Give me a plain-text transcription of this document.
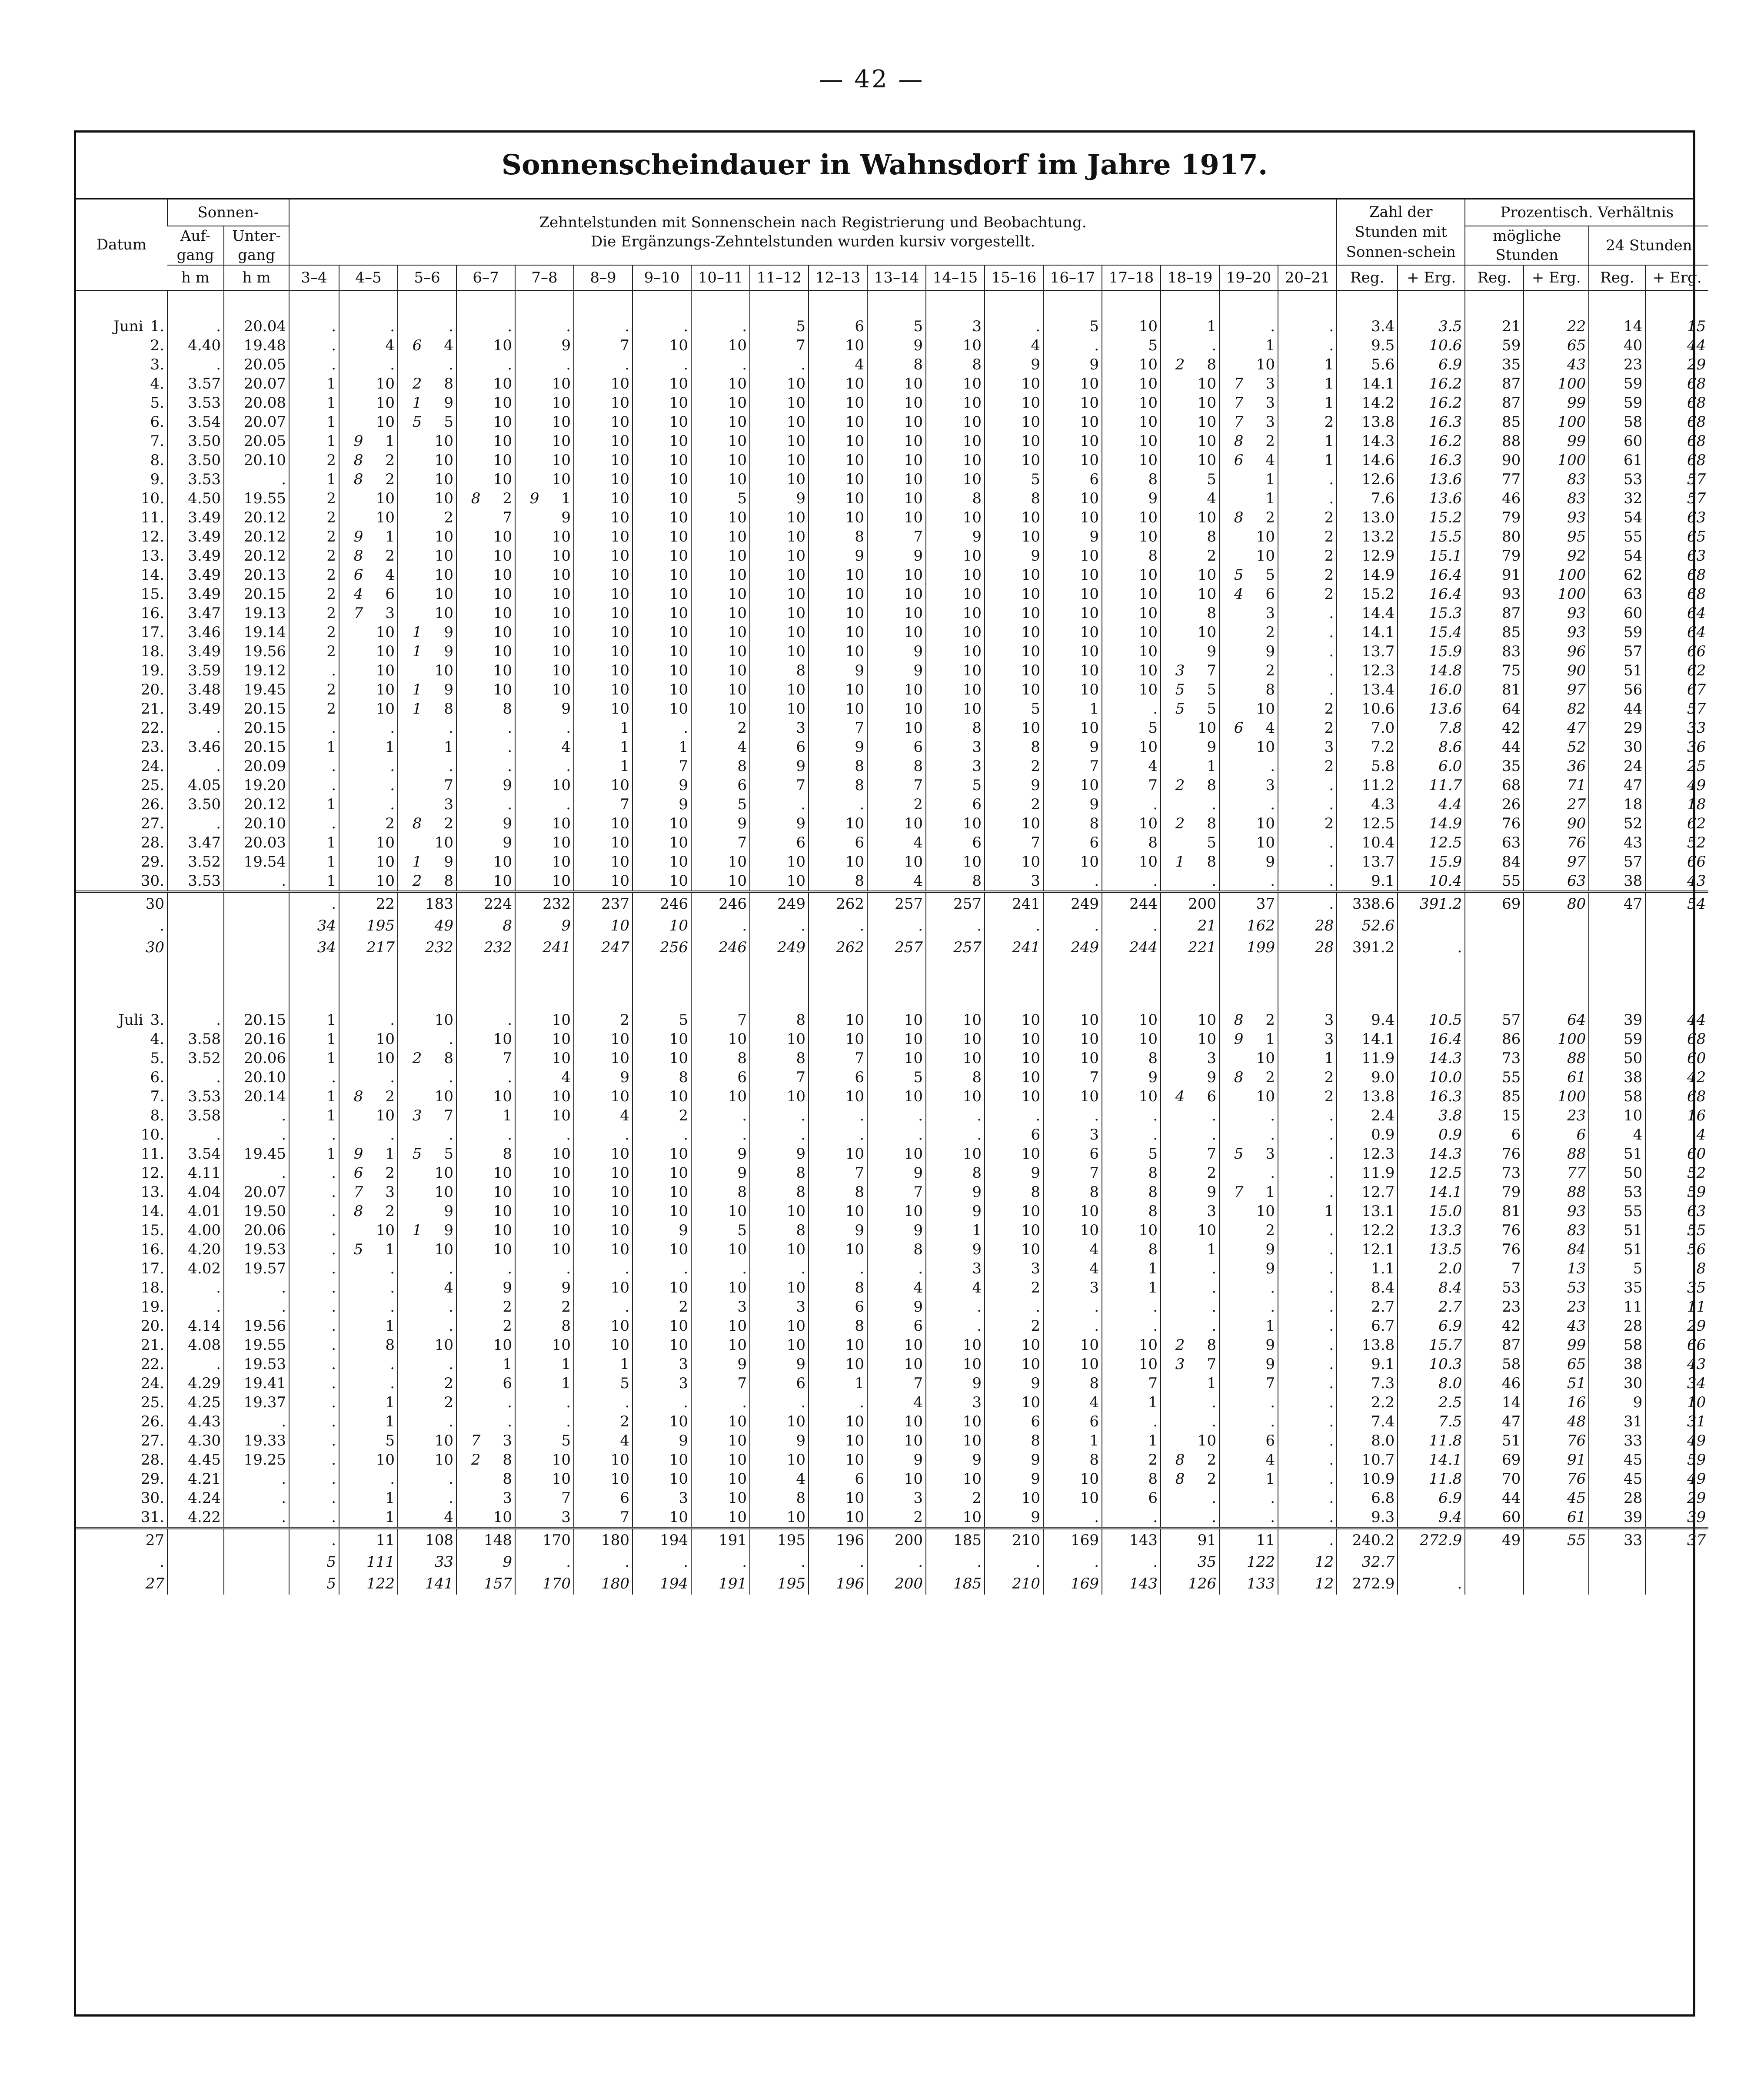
— 42 —
Sonnenscheindauer in Wahnsdorf im Jahre 1917.
Datum	Sonnen-		Zehntelstunden mit Sonnenschein nach Registrierung und Beobachtung.
Die Ergänzungs-Zehntelstunden wurden kursiv vorgestellt.																		Zahl der Stunden mit Sonnen-schein		Prozentisch. Verhältnis			
	Auf-gang	Unter-gang																					mögliche Stunden		24 Stunden	
	h m	h m	3–4	4–5	5–6	6–7	7–8	8–9	9–10	10–11	11–12	12–13	13–14	14–15	15–16	16–17	17–18	18–19	19–20	20–21	Reg.	+ Erg.	Reg.	+ Erg.	Reg.	+ Erg.

Juni 1.	.	20.04	.	.	.	.	.	.	.	.	5	6	5	3	.	5	10	1	.	.	3.4	3.5	21	22	14	15
2.	4.40	19.48	.	4	6 4	10	9	7	10	10	7	10	9	10	4	.	5	.	1	.	9.5	10.6	59	65	40	44
3.	.	20.05	.	.	.	.	.	.	.	.	.	4	8	8	9	9	10	2 8	10	1	5.6	6.9	35	43	23	29
4.	3.57	20.07	1	10	2 8	10	10	10	10	10	10	10	10	10	10	10	10	10	7 3	1	14.1	16.2	87	100	59	68
5.	3.53	20.08	1	10	1 9	10	10	10	10	10	10	10	10	10	10	10	10	10	7 3	1	14.2	16.2	87	99	59	68
6.	3.54	20.07	1	10	5 5	10	10	10	10	10	10	10	10	10	10	10	10	10	7 3	2	13.8	16.3	85	100	58	68
7.	3.50	20.05	1	9 1	10	10	10	10	10	10	10	10	10	10	10	10	10	10	8 2	1	14.3	16.2	88	99	60	68
8.	3.50	20.10	2	8 2	10	10	10	10	10	10	10	10	10	10	10	10	10	10	6 4	1	14.6	16.3	90	100	61	68
9.	3.53	.	1	8 2	10	10	10	10	10	10	10	10	10	10	5	6	8	5	1	.	12.6	13.6	77	83	53	57
10.	4.50	19.55	2	10	10	8 2	9 1	10	10	5	9	10	10	8	8	10	9	4	1	.	7.6	13.6	46	83	32	57
11.	3.49	20.12	2	10	2	7	9	10	10	10	10	10	10	10	10	10	10	10	8 2	2	13.0	15.2	79	93	54	63
12.	3.49	20.12	2	9 1	10	10	10	10	10	10	10	8	7	9	10	9	10	8	10	2	13.2	15.5	80	95	55	65
13.	3.49	20.12	2	8 2	10	10	10	10	10	10	10	9	9	10	9	10	8	2	10	2	12.9	15.1	79	92	54	63
14.	3.49	20.13	2	6 4	10	10	10	10	10	10	10	10	10	10	10	10	10	10	5 5	2	14.9	16.4	91	100	62	68
15.	3.49	20.15	2	4 6	10	10	10	10	10	10	10	10	10	10	10	10	10	10	4 6	2	15.2	16.4	93	100	63	68
16.	3.47	19.13	2	7 3	10	10	10	10	10	10	10	10	10	10	10	10	10	8	3	.	14.4	15.3	87	93	60	64
17.	3.46	19.14	2	10	1 9	10	10	10	10	10	10	10	10	10	10	10	10	10	2	.	14.1	15.4	85	93	59	64
18.	3.49	19.56	2	10	1 9	10	10	10	10	10	10	10	9	10	10	10	10	9	9	.	13.7	15.9	83	96	57	66
19.	3.59	19.12	.	10	10	10	10	10	10	10	8	9	9	10	10	10	10	3 7	2	.	12.3	14.8	75	90	51	62
20.	3.48	19.45	2	10	1 9	10	10	10	10	10	10	10	10	10	10	10	10	5 5	8	.	13.4	16.0	81	97	56	67
21.	3.49	20.15	2	10	1 8	8	9	10	10	10	10	10	10	10	5	1	.	5 5	10	2	10.6	13.6	64	82	44	57
22.	.	20.15	.	.	.	.	.	1	.	2	3	7	10	8	10	10	5	10	6 4	2	7.0	7.8	42	47	29	33
23.	3.46	20.15	1	1	1	.	4	1	1	4	6	9	6	3	8	9	10	9	10	3	7.2	8.6	44	52	30	36
24.	.	20.09	.	.	.	.	.	1	7	8	9	8	8	3	2	7	4	1	.	2	5.8	6.0	35	36	24	25
25.	4.05	19.20	.	.	7	9	10	10	9	6	7	8	7	5	9	10	7	2 8	3	.	11.2	11.7	68	71	47	49
26.	3.50	20.12	1	.	3	.	.	7	9	5	.	.	2	6	2	9	.	.	.	.	4.3	4.4	26	27	18	18
27.	.	20.10	.	2	8 2	9	10	10	10	9	9	10	10	10	10	8	10	2 8	10	2	12.5	14.9	76	90	52	62
28.	3.47	20.03	1	10	10	9	10	10	10	7	6	6	4	6	7	6	8	5	10	.	10.4	12.5	63	76	43	52
29.	3.52	19.54	1	10	1 9	10	10	10	10	10	10	10	10	10	10	10	10	1 8	9	.	13.7	15.9	84	97	57	66
30.	3.53	.	1	10	2 8	10	10	10	10	10	10	8	4	8	3	.	.	.	.	.	9.1	10.4	55	63	38	43
30			.	22	183	224	232	237	246	246	249	262	257	257	241	249	244	200	37	.	338.6	391.2	69	80	47	54
.			34	195	49	8	9	10	10	.	.	.	.	.	.	.	.	21	162	28	52.6					
30			34	217	232	232	241	247	256	246	249	262	257	257	241	249	244	221	199	28	391.2	.				

Juli 3.	.	20.15	1	.	10	.	10	2	5	7	8	10	10	10	10	10	10	10	8 2	3	9.4	10.5	57	64	39	44
4.	3.58	20.16	1	10	.	10	10	10	10	10	10	10	10	10	10	10	10	10	9 1	3	14.1	16.4	86	100	59	68
5.	3.52	20.06	1	10	2 8	7	10	10	10	8	8	7	10	10	10	10	8	3	10	1	11.9	14.3	73	88	50	60
6.	.	20.10	.	.	.	.	4	9	8	6	7	6	5	8	10	7	9	9	8 2	2	9.0	10.0	55	61	38	42
7.	3.53	20.14	1	8 2	10	10	10	10	10	10	10	10	10	10	10	10	10	4 6	10	2	13.8	16.3	85	100	58	68
8.	3.58	.	1	10	3 7	1	10	4	2	.	.	.	.	.	.	.	.	.	.	.	2.4	3.8	15	23	10	16
10.	.	.	.	.	.	.	.	.	.	.	.	.	.	.	6	3	.	.	.	.	0.9	0.9	6	6	4	4
11.	3.54	19.45	1	9 1	5 5	8	10	10	10	9	9	10	10	10	10	6	5	7	5 3	.	12.3	14.3	76	88	51	60
12.	4.11	.	.	6 2	10	10	10	10	10	9	8	7	9	8	9	7	8	2	.	.	11.9	12.5	73	77	50	52
13.	4.04	20.07	.	7 3	10	10	10	10	10	8	8	8	7	9	8	8	8	9	7 1	.	12.7	14.1	79	88	53	59
14.	4.01	19.50	.	8 2	9	10	10	10	10	10	10	10	10	9	10	10	8	3	10	1	13.1	15.0	81	93	55	63
15.	4.00	20.06	.	10	1 9	10	10	10	9	5	8	9	9	1	10	10	10	10	2	.	12.2	13.3	76	83	51	55
16.	4.20	19.53	.	5 1	10	10	10	10	10	10	10	10	8	9	10	4	8	1	9	.	12.1	13.5	76	84	51	56
17.	4.02	19.57	.	.	.	.	.	.	.	.	.	.	.	3	3	4	1	.	9	.	1.1	2.0	7	13	5	8
18.	.	.	.	.	4	9	9	10	10	10	10	8	4	4	2	3	1	.	.	.	8.4	8.4	53	53	35	35
19.	.	.	.	.	.	2	2	.	2	3	3	6	9	.	.	.	.	.	.	.	2.7	2.7	23	23	11	11
20.	4.14	19.56	.	1	.	2	8	10	10	10	10	8	6	.	2	.	.	.	1	.	6.7	6.9	42	43	28	29
21.	4.08	19.55	.	8	10	10	10	10	10	10	10	10	10	10	10	10	10	2 8	9	.	13.8	15.7	87	99	58	66
22.	.	19.53	.	.	.	1	1	1	3	9	9	10	10	10	10	10	10	3 7	9	.	9.1	10.3	58	65	38	43
24.	4.29	19.41	.	.	2	6	1	5	3	7	6	1	7	9	9	8	7	1	7	.	7.3	8.0	46	51	30	34
25.	4.25	19.37	.	1	2	.	.	.	.	.	.	.	4	3	10	4	1	.	.	.	2.2	2.5	14	16	9	10
26.	4.43	.	.	1	.	.	.	2	10	10	10	10	10	10	6	6	.	.	.	.	7.4	7.5	47	48	31	31
27.	4.30	19.33	.	5	10	7 3	5	4	9	10	9	10	10	10	8	1	1	10	6	.	8.0	11.8	51	76	33	49
28.	4.45	19.25	.	10	10	2 8	10	10	10	10	10	10	9	9	9	8	2	8 2	4	.	10.7	14.1	69	91	45	59
29.	4.21	.	.	.	.	8	10	10	10	10	4	6	10	10	9	10	8	8 2	1	.	10.9	11.8	70	76	45	49
30.	4.24	.	.	1	.	3	7	6	3	10	8	10	3	2	10	10	6	.	.	.	6.8	6.9	44	45	28	29
31.	4.22	.	.	1	4	10	3	7	10	10	10	10	2	10	9	.	.	.	.	.	9.3	9.4	60	61	39	39
27			.	11	108	148	170	180	194	191	195	196	200	185	210	169	143	91	11	.	240.2	272.9	49	55	33	37
.			5	111	33	9	.	.	.	.	.	.	.	.	.	.	.	35	122	12	32.7					
27			5	122	141	157	170	180	194	191	195	196	200	185	210	169	143	126	133	12	272.9	.				
